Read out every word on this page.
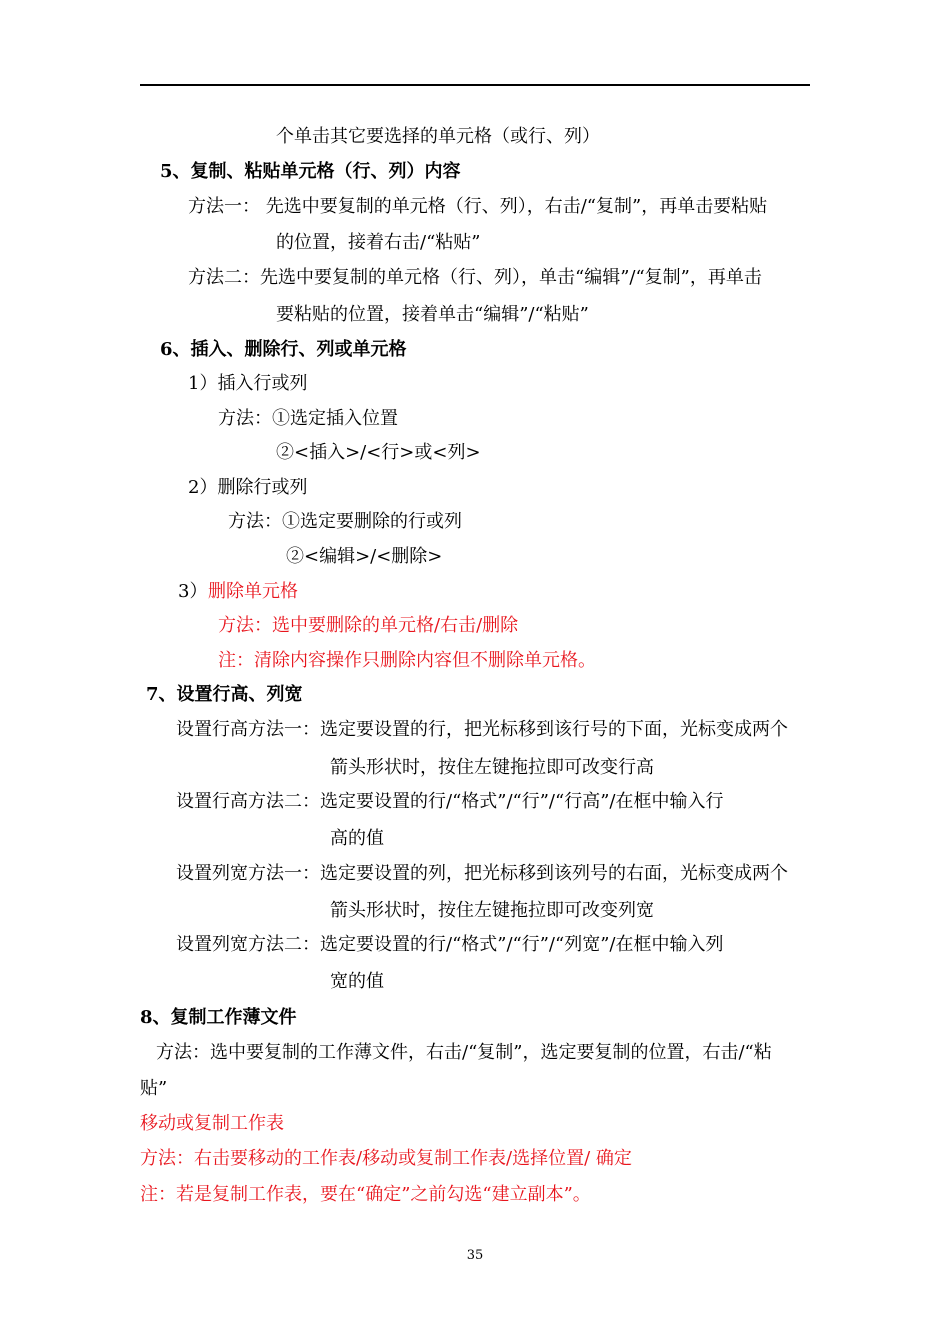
个单击其它要选择的单元格（或行、列）
5、复制、粘贴单元格（行、列）内容
方法一： 先选中要复制的单元格（行、列），右击/“复制”，再单击要粘贴
的位置，接着右击/“粘贴”
方法二：先选中要复制的单元格（行、列），单击“编辑”/“复制”，再单击
要粘贴的位置，接着单击“编辑”/“粘贴”
6、插入、删除行、列或单元格
1）插入行或列
方法：①选定插入位置
②<插入>/<行>或<列>
2）删除行或列
方法：①选定要删除的行或列
②<编辑>/<删除>
3） 删除单元格
方法：选中要删除的单元格/右击/删除
注：清除内容操作只删除内容但不删除单元格。
7、设置行高、列宽
设置行高方法一：选定要设置的行，把光标移到该行号的下面，光标变成两个
箭头形状时，按住左键拖拉即可改变行高
设置行高方法二：选定要设置的行/“格式”/“行”/“行高”/在框中输入行
高的值
设置列宽方法一：选定要设置的列，把光标移到该列号的右面，光标变成两个
箭头形状时，按住左键拖拉即可改变列宽
设置列宽方法二：选定要设置的行/“格式”/“行”/“列宽”/在框中输入列
宽的值
8、复制工作薄文件
方法：选中要复制的工作薄文件，右击/“复制”，选定要复制的位置，右击/“粘
贴”
移动或复制工作表
方法：右击要移动的工作表/移动或复制工作表/选择位置/ 确定
注：若是复制工作表，要在“确定”之前勾选“建立副本”。
35
